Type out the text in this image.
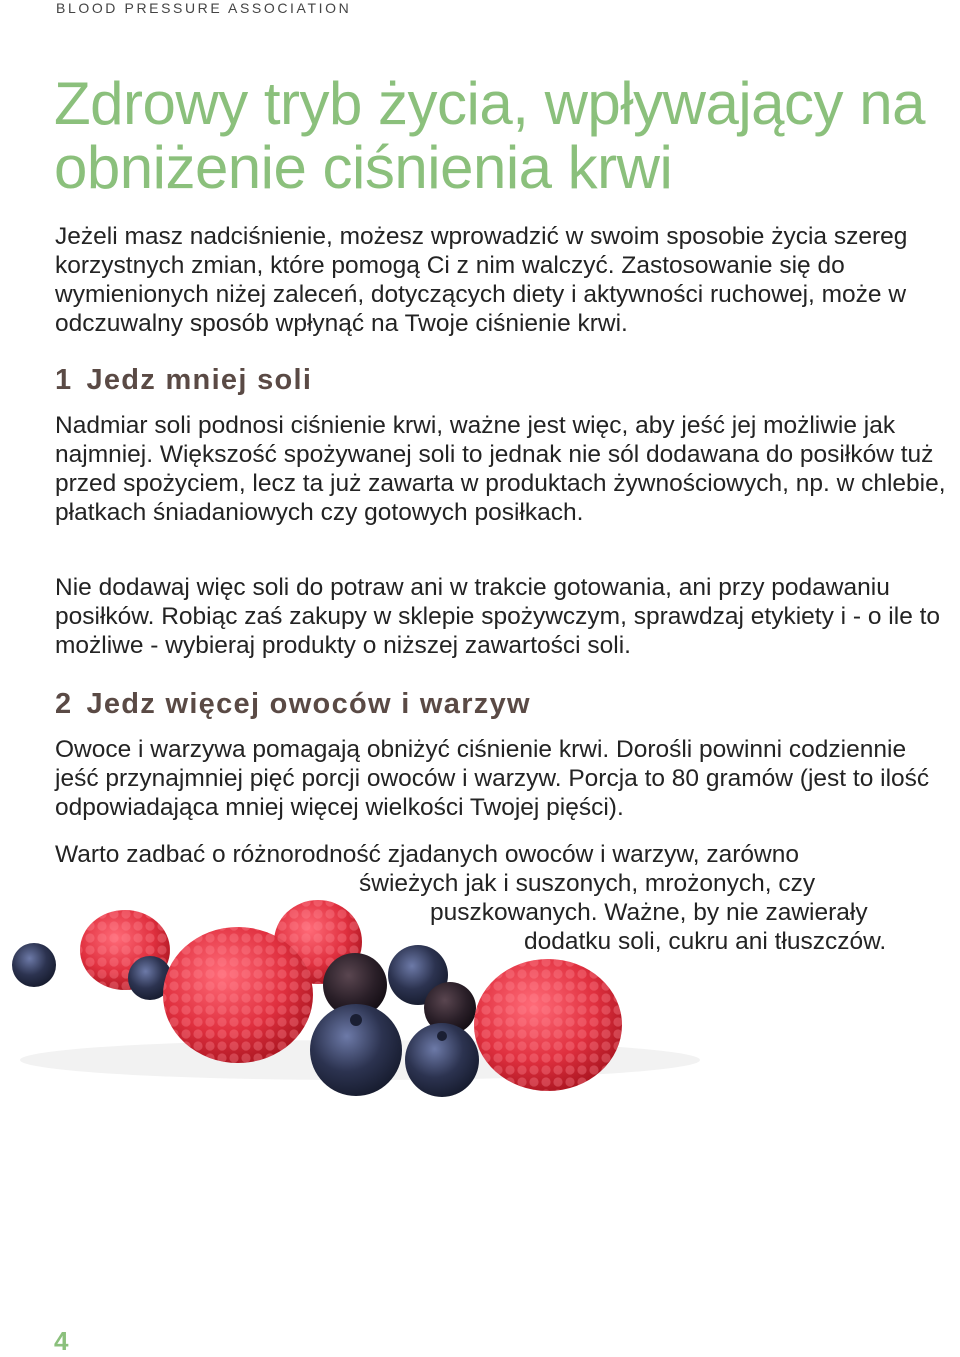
BLOOD PRESSURE ASSOCIATION
Zdrowy tryb życia, wpływający na
obniżenie ciśnienia krwi

Jeżeli masz nadciśnienie, możesz wprowadzić w swoim sposobie życia szereg korzystnych zmian, które pomogą Ci z nim walczyć. Zastosowanie się do wymienionych niżej zaleceń, dotyczących diety i aktywności ruchowej, może w odczuwalny sposób wpłynąć na Twoje ciśnienie krwi.

1 Jedz mniej soli

Nadmiar soli podnosi ciśnienie krwi, ważne jest więc, aby jeść jej możliwie jak najmniej. Większość spożywanej soli to jednak nie sól dodawana do posiłków tuż przed spożyciem, lecz ta już zawarta w produktach żywnościowych, np. w chlebie, płatkach śniadaniowych czy gotowych posiłkach.

Nie dodawaj więc soli do potraw ani w trakcie gotowania, ani przy podawaniu posiłków. Robiąc zaś zakupy w sklepie spożywczym, sprawdzaj etykiety i - o ile to możliwe - wybieraj produkty o niższej zawartości soli.

2 Jedz więcej owoców i warzyw

Owoce i warzywa pomagają obniżyć ciśnienie krwi. Dorośli powinni codziennie jeść przynajmniej pięć porcji owoców i warzyw. Porcja to 80 gramów (jest to ilość odpowiadająca mniej więcej wielkości Twojej pięści).

Warto zadbać o różnorodność zjadanych owoców i warzyw, zarówno
świeżych jak i suszonych, mrożonych, czy
puszkowanych. Ważne, by nie zawierały
dodatku soli, cukru ani tłuszczów.
4
